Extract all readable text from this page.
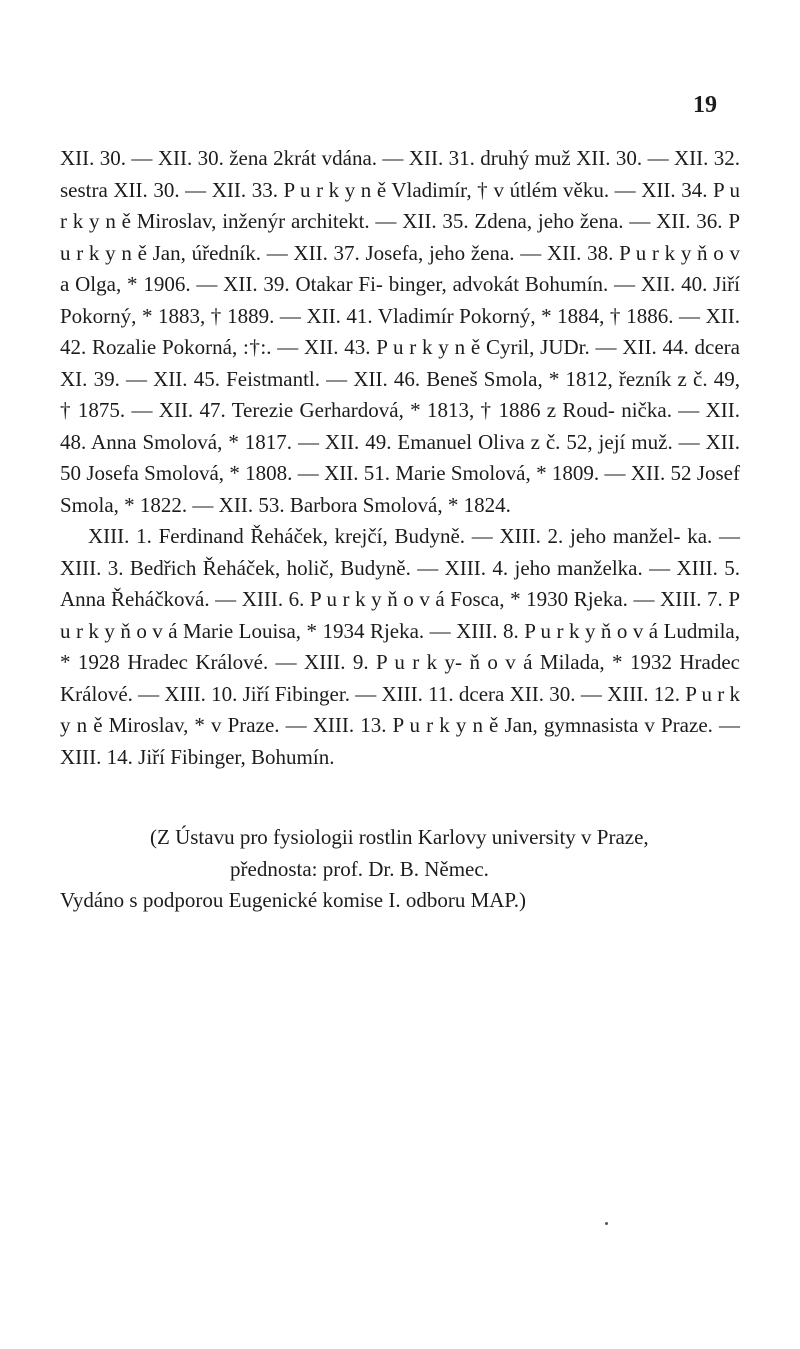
19

XII. 30. — XII. 30. žena 2krát vdána. — XII. 31. druhý muž XII. 30. — XII. 32. sestra XII. 30. — XII. 33. P u r k y n ě Vladimír, † v útlém věku. — XII. 34. P u r k y n ě Miroslav, inženýr architekt. — XII. 35. Zdena, jeho žena. — XII. 36. P u r k y n ě Jan, úředník. — XII. 37. Josefa, jeho žena. — XII. 38. P u r k y ň o v a Olga, * 1906. — XII. 39. Otakar Fi- binger, advokát Bohumín. — XII. 40. Jiří Pokorný, * 1883, † 1889. — XII. 41. Vladimír Pokorný, * 1884, † 1886. — XII. 42. Rozalie Pokorná, :†:. — XII. 43. P u r k y n ě Cyril, JUDr. — XII. 44. dcera XI. 39. — XII. 45. Feistmantl. — XII. 46. Beneš Smola, * 1812, řezník z č. 49, † 1875. — XII. 47. Terezie Gerhardová, * 1813, † 1886 z Roud- nička. — XII. 48. Anna Smolová, * 1817. — XII. 49. Emanuel Oliva z č. 52, její muž. — XII. 50 Josefa Smolová, * 1808. — XII. 51. Marie Smolová, * 1809. — XII. 52 Josef Smola, * 1822. — XII. 53. Barbora Smolová, * 1824.

XIII. 1. Ferdinand Řeháček, krejčí, Budyně. — XIII. 2. jeho manžel- ka. — XIII. 3. Bedřich Řeháček, holič, Budyně. — XIII. 4. jeho manželka. — XIII. 5. Anna Řeháčková. — XIII. 6. P u r k y ň o v á Fosca, * 1930 Rjeka. — XIII. 7. P u r k y ň o v á Marie Louisa, * 1934 Rjeka. — XIII. 8. P u r k y ň o v á Ludmila, * 1928 Hradec Králové. — XIII. 9. P u r k y- ň o v á Milada, * 1932 Hradec Králové. — XIII. 10. Jiří Fibinger. — XIII. 11. dcera XII. 30. — XIII. 12. P u r k y n ě Miroslav, * v Praze. — XIII. 13. P u r k y n ě Jan, gymnasista v Praze. — XIII. 14. Jiří Fibinger, Bohumín.

(Z Ústavu pro fysiologii rostlin Karlovy university v Praze,
přednosta: prof. Dr. B. Němec.
Vydáno s podporou Eugenické komise I. odboru MAP.)
